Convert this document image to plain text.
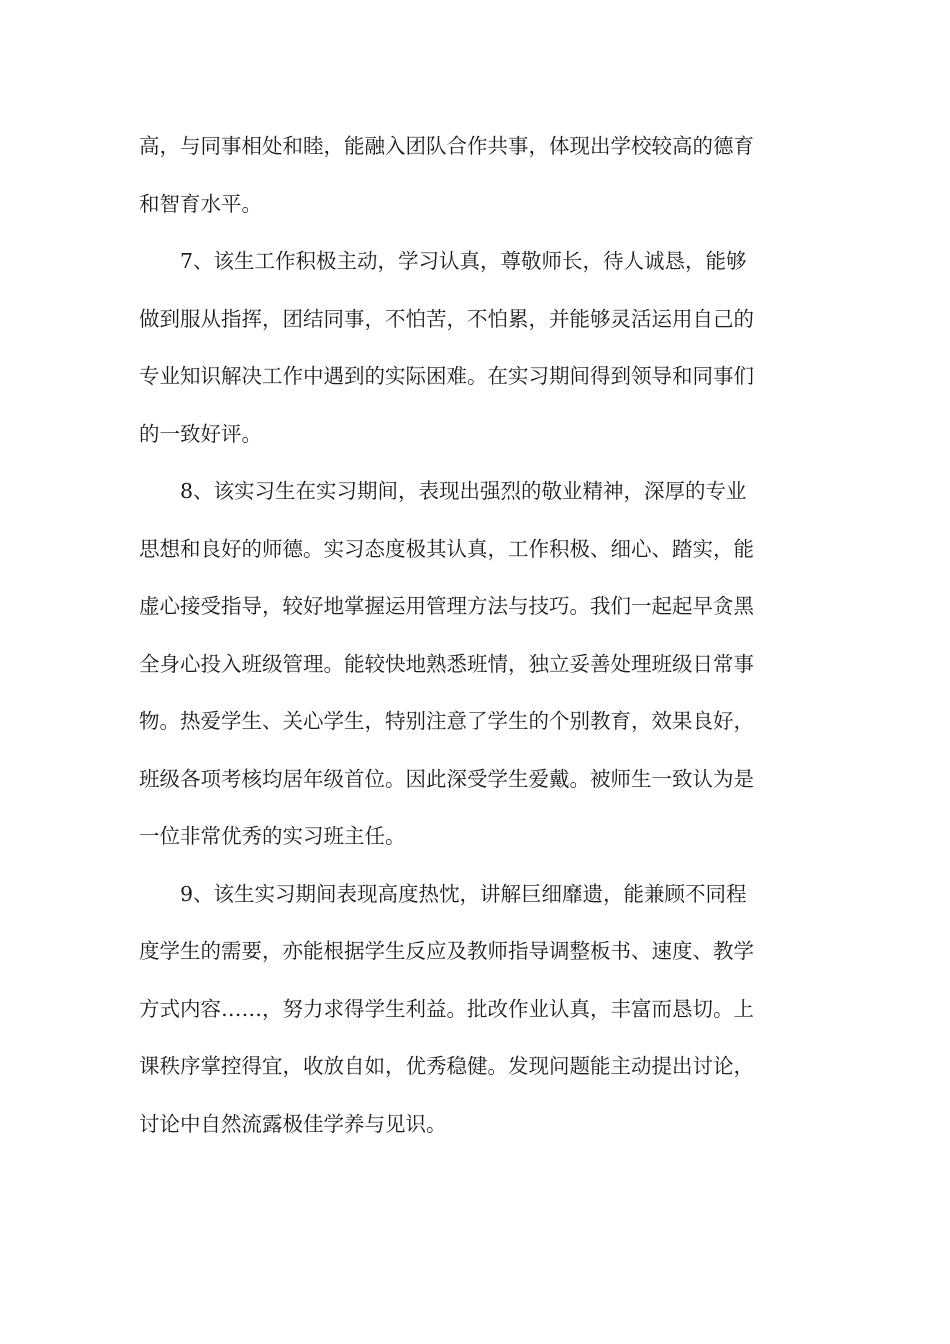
高，与同事相处和睦，能融入团队合作共事，体现出学校较高的德育
和智育水平。
7、该生工作积极主动，学习认真，尊敬师长，待人诚恳，能够
做到服从指挥，团结同事，不怕苦，不怕累，并能够灵活运用自己的
专业知识解决工作中遇到的实际困难。在实习期间得到领导和同事们
的一致好评。
8、该实习生在实习期间，表现出强烈的敬业精神，深厚的专业
思想和良好的师德。实习态度极其认真，工作积极、细心、踏实，能
虚心接受指导，较好地掌握运用管理方法与技巧。我们一起起早贪黑
全身心投入班级管理。能较快地熟悉班情，独立妥善处理班级日常事
物。热爱学生、关心学生，特别注意了学生的个别教育，效果良好，
班级各项考核均居年级首位。因此深受学生爱戴。被师生一致认为是
一位非常优秀的实习班主任。
9、该生实习期间表现高度热忱，讲解巨细靡遗，能兼顾不同程
度学生的需要，亦能根据学生反应及教师指导调整板书、速度、教学
方式内容……，努力求得学生利益。批改作业认真，丰富而恳切。上
课秩序掌控得宜，收放自如，优秀稳健。发现问题能主动提出讨论，
讨论中自然流露极佳学养与见识。
